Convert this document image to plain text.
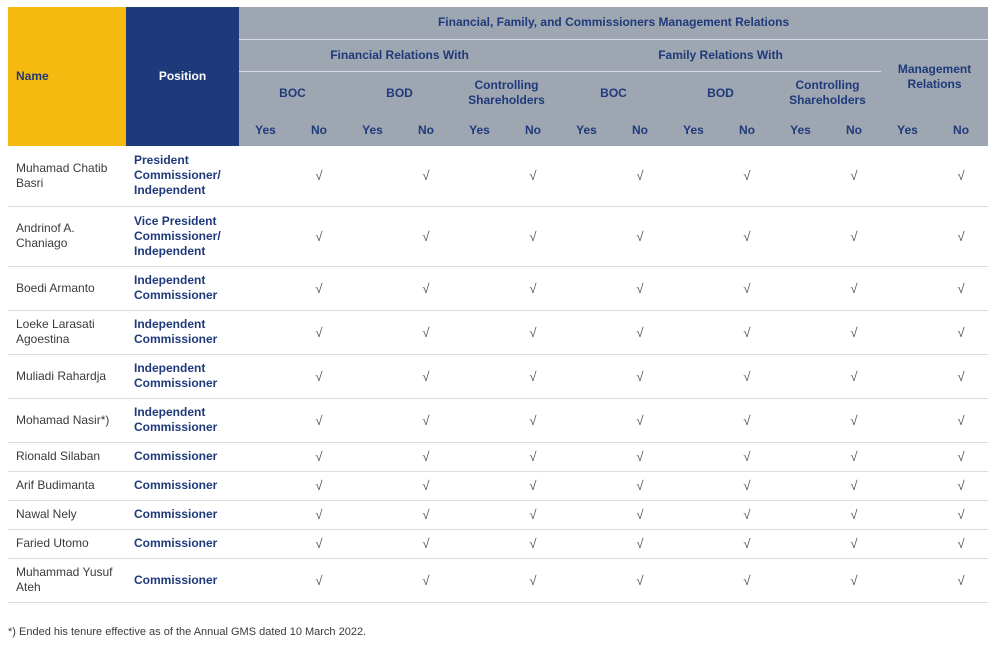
Name	Position	Financial, Family, and Commissioners Management Relations													
		Financial Relations With						Family Relations With						Management Relations	
		BOC		BOD		Controlling Shareholders		BOC		BOD		Controlling Shareholders			
		Yes	No	Yes	No	Yes	No	Yes	No	Yes	No	Yes	No	Yes	No
Muhamad Chatib Basri	President Commissioner/ Independent		√		√		√		√		√		√		√
Andrinof A. Chaniago	Vice President Commissioner/ Independent		√		√		√		√		√		√		√
Boedi Armanto	Independent Commissioner		√		√		√		√		√		√		√
Loeke Larasati Agoestina	Independent Commissioner		√		√		√		√		√		√		√
Muliadi Rahardja	Independent Commissioner		√		√		√		√		√		√		√
Mohamad Nasir*)	Independent Commissioner		√		√		√		√		√		√		√
Rionald Silaban	Commissioner		√		√		√		√		√		√		√
Arif Budimanta	Commissioner		√		√		√		√		√		√		√
Nawal Nely	Commissioner		√		√		√		√		√		√		√
Faried Utomo	Commissioner		√		√		√		√		√		√		√
Muhammad Yusuf Ateh	Commissioner		√		√		√		√		√		√		√
*) Ended his tenure effective as of the Annual GMS dated 10 March 2022.
